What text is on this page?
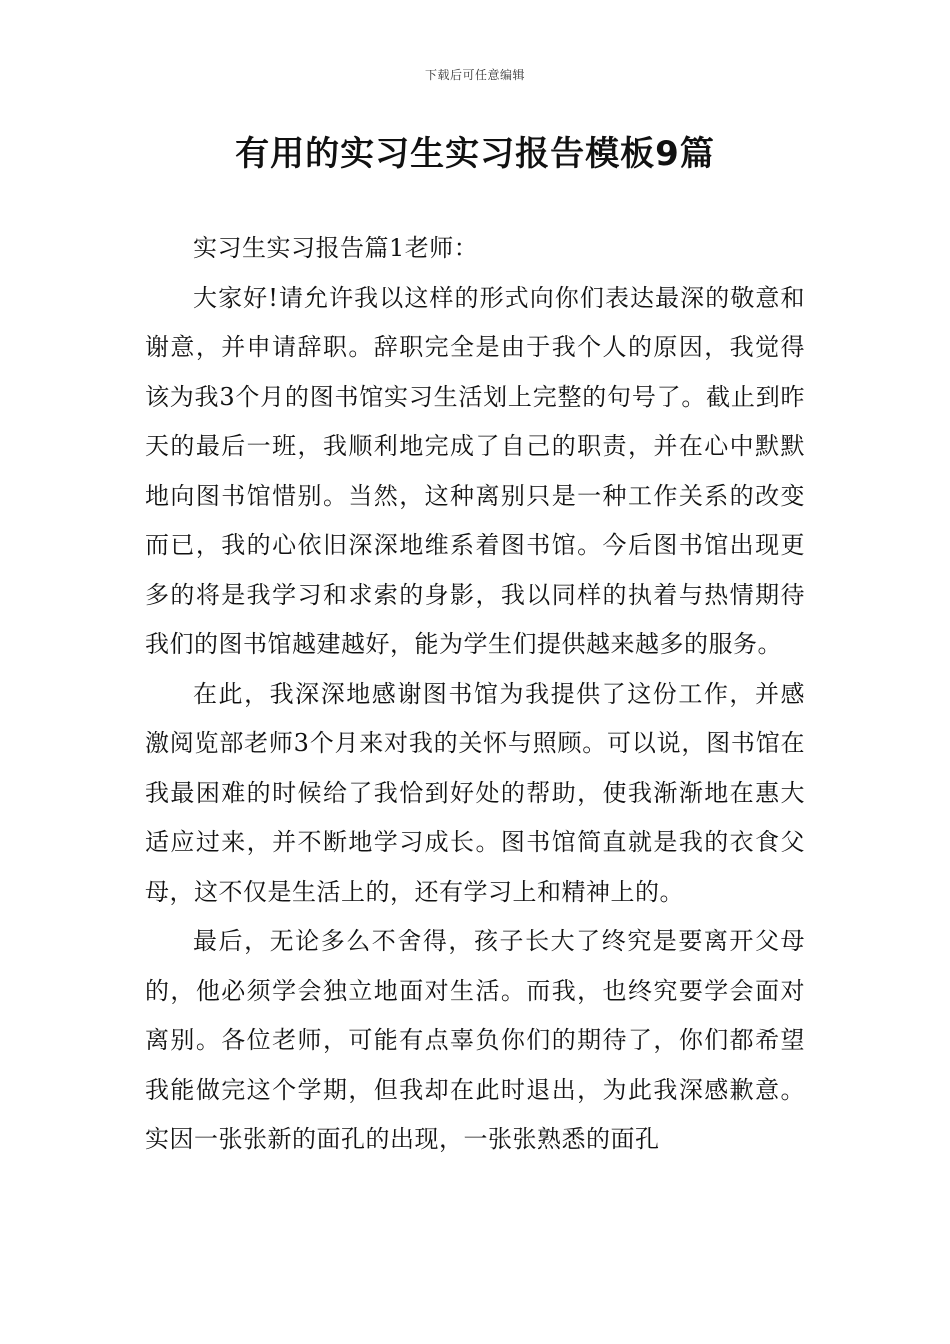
下载后可任意编辑
有用的实习生实习报告模板9篇

实习生实习报告篇1老师：

大家好!请允许我以这样的形式向你们表达最深的敬意和谢意，并申请辞职。辞职完全是由于我个人的原因，我觉得该为我3个月的图书馆实习生活划上完整的句号了。截止到昨天的最后一班，我顺利地完成了自己的职责，并在心中默默地向图书馆惜别。当然，这种离别只是一种工作关系的改变而已，我的心依旧深深地维系着图书馆。今后图书馆出现更多的将是我学习和求索的身影，我以同样的执着与热情期待我们的图书馆越建越好，能为学生们提供越来越多的服务。

在此，我深深地感谢图书馆为我提供了这份工作，并感激阅览部老师3个月来对我的关怀与照顾。可以说，图书馆在我最困难的时候给了我恰到好处的帮助，使我渐渐地在惠大适应过来，并不断地学习成长。图书馆简直就是我的衣食父母，这不仅是生活上的，还有学习上和精神上的。

最后，无论多么不舍得，孩子长大了终究是要离开父母的，他必须学会独立地面对生活。而我，也终究要学会面对离别。各位老师，可能有点辜负你们的期待了，你们都希望我能做完这个学期，但我却在此时退出，为此我深感歉意。实因一张张新的面孔的出现，一张张熟悉的面孔
